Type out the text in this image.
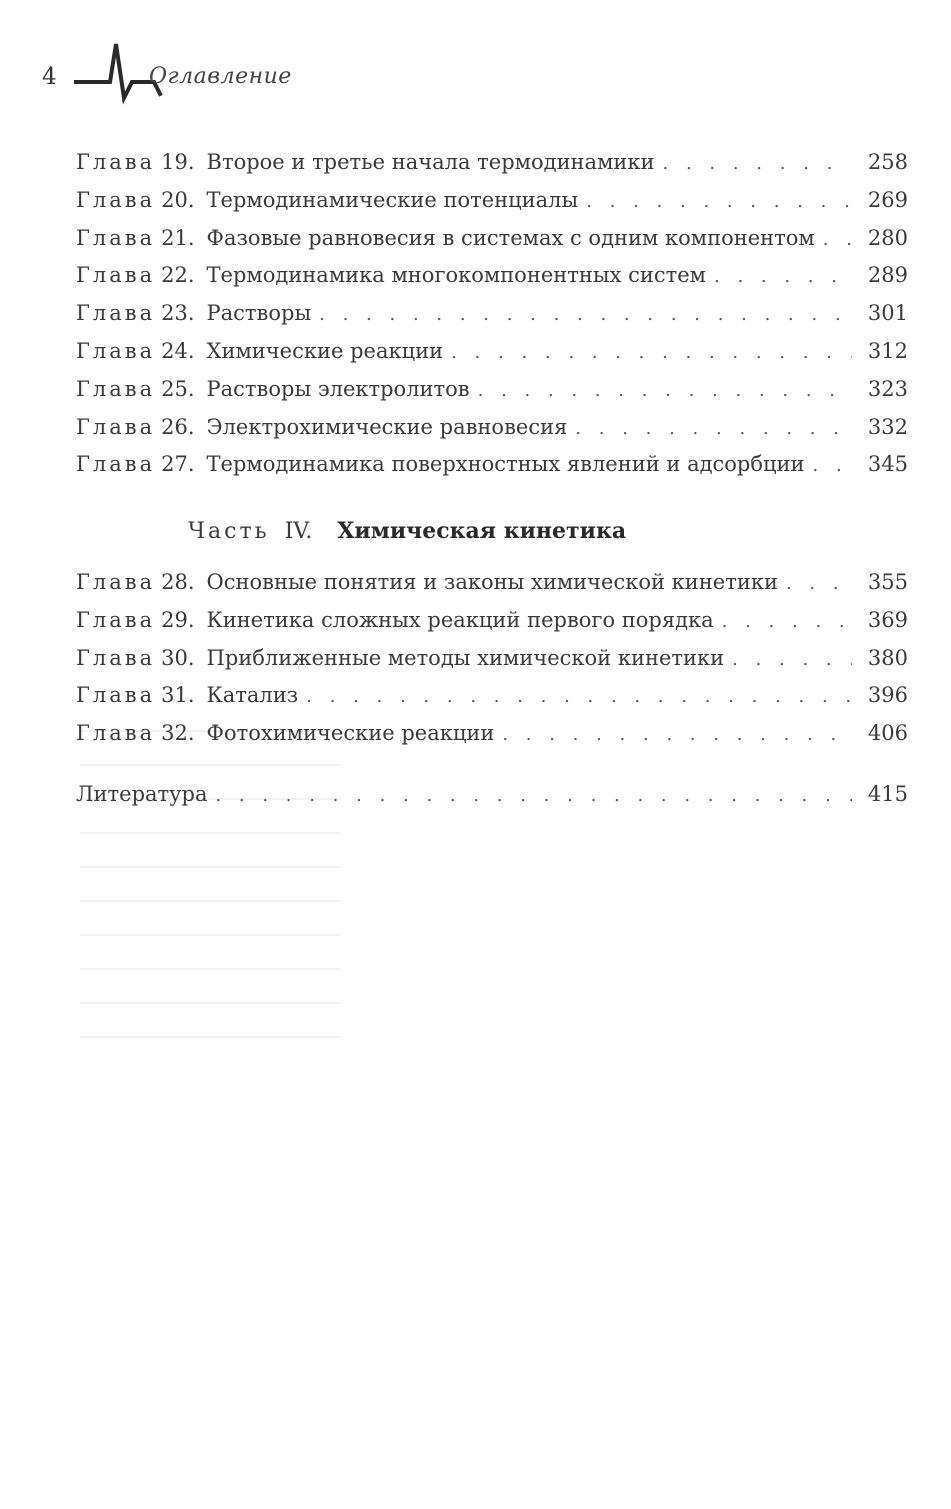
4	Оглавление
Глава 19. Второе и третье начала термодинамики . . .	258
Глава 20. Термодинамические потенциалы . . .	269
Глава 21. Фазовые равновесия в системах с одним компонентом . . .	280
Глава 22. Термодинамика многокомпонентных систем . . .	289
Глава 23. Растворы . . .	301
Глава 24. Химические реакции . . .	312
Глава 25. Растворы электролитов . . .	323
Глава 26. Электрохимические равновесия . . .	332
Глава 27. Термодинамика поверхностных явлений и адсорбции . . .	345
Часть IV. Химическая кинетика
Глава 28. Основные понятия и законы химической кинетики . . .	355
Глава 29. Кинетика сложных реакций первого порядка . . .	369
Глава 30. Приближенные методы химической кинетики . . .	380
Глава 31. Катализ . . .	396
Глава 32. Фотохимические реакции . . .	406
Литература . . .	415
